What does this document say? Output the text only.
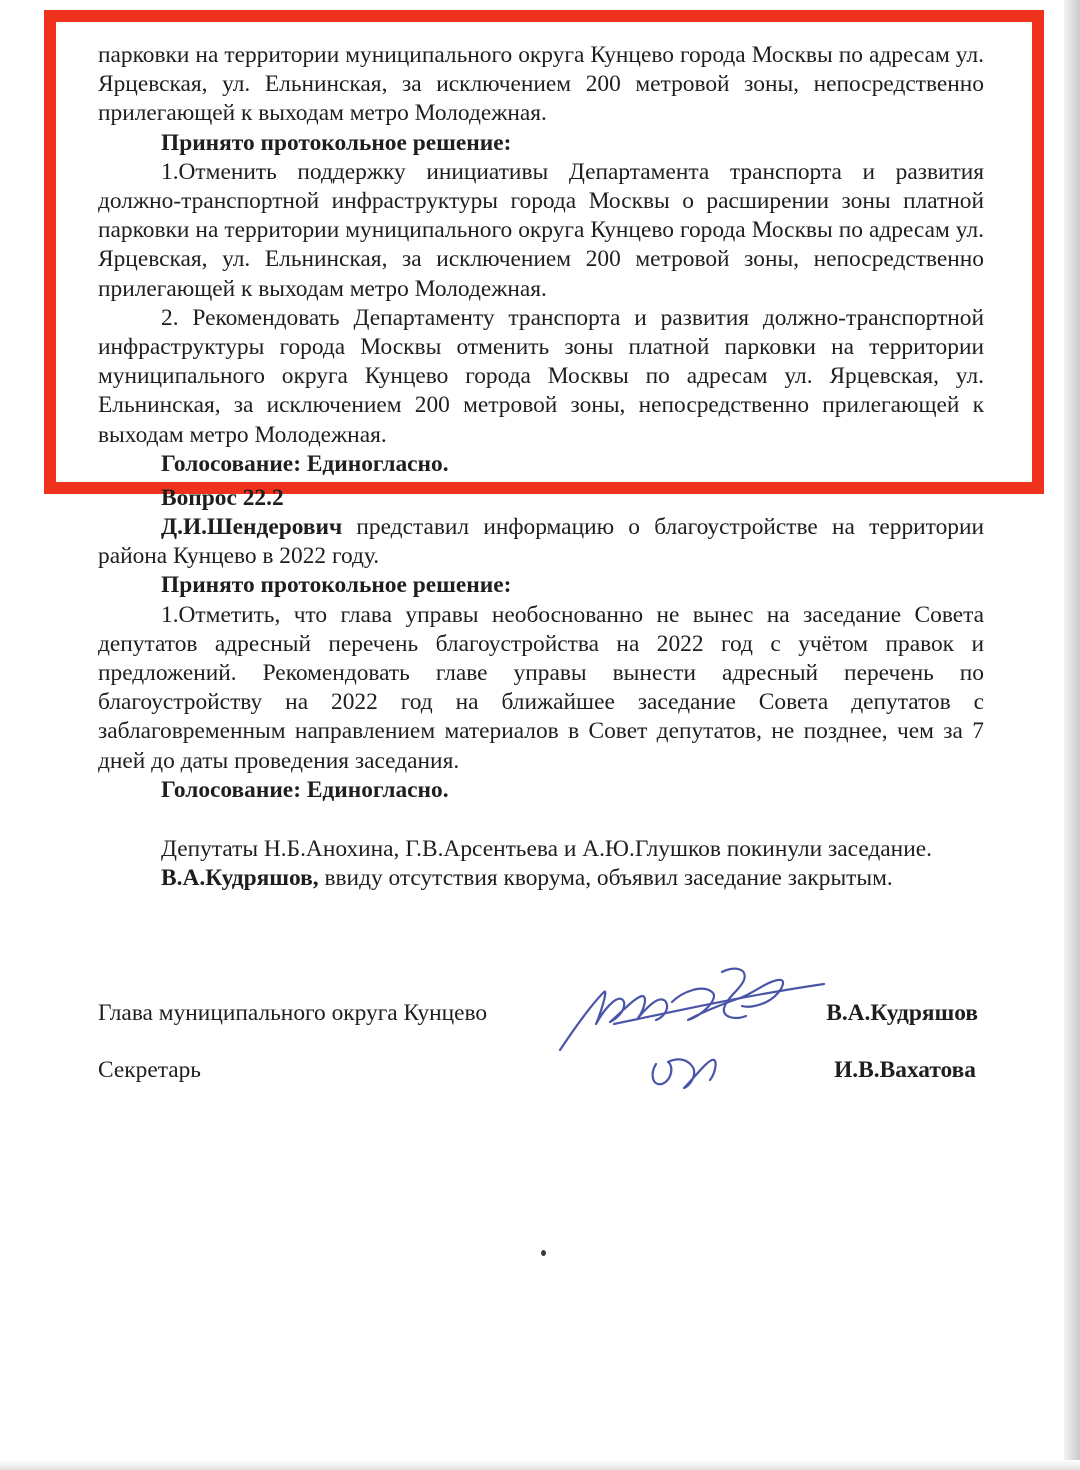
парковки на территории муниципального округа Кунцево города Москвы по адресам ул. Ярцевская, ул. Ельнинская, за исключением 200 метровой зоны, непосредственно прилегающей к выходам метро Молодежная.

Принято протокольное решение:

1.Отменить поддержку инициативы Департамента транспорта и развития должно-транспортной инфраструктуры города Москвы о расширении зоны платной парковки на территории муниципального округа Кунцево города Москвы по адресам ул. Ярцевская, ул. Ельнинская, за исключением 200 метровой зоны, непосредственно прилегающей к выходам метро Молодежная.

2. Рекомендовать Департаменту транспорта и развития должно-транспортной инфраструктуры города Москвы отменить зоны платной парковки на территории муниципального округа Кунцево города Москвы по адресам ул. Ярцевская, ул. Ельнинская, за исключением 200 метровой зоны, непосредственно прилегающей к выходам метро Молодежная.

Голосование: Единогласно.

Вопрос 22.2

Д.И.Шендерович представил информацию о благоустройстве на территории района Кунцево в 2022 году.

Принято протокольное решение:

1.Отметить, что глава управы необоснованно не вынес на заседание Совета депутатов адресный перечень благоустройства на 2022 год с учётом правок и предложений. Рекомендовать главе управы вынести адресный перечень по благоустройству на 2022 год на ближайшее заседание Совета депутатов с заблаговременным направлением материалов в Совет депутатов, не позднее, чем за 7 дней до даты проведения заседания.

Голосование: Единогласно.

Депутаты Н.Б.Анохина, Г.В.Арсентьева и А.Ю.Глушков покинули заседание.

В.А.Кудряшов, ввиду отсутствия кворума, объявил заседание закрытым.

Глава муниципального округа Кунцево	В.А.Кудряшов
Секретарь	И.В.Вахатова
